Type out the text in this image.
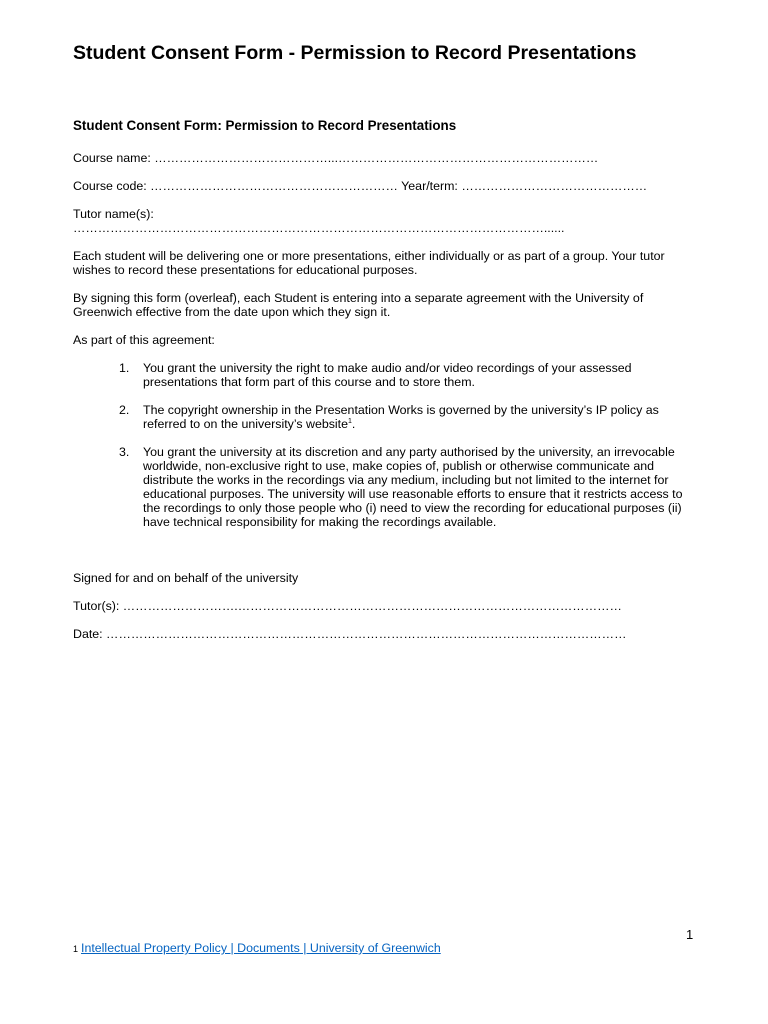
Student Consent Form - Permission to Record Presentations
Student Consent Form: Permission to Record Presentations
Course name: ……………………………………...………………………………………………………
Course code: …………………………………………………… Year/term: ………………………………………
Tutor name(s):
……………………………………………………………………………………………………......
Each student will be delivering one or more presentations, either individually or as part of a group. Your tutor wishes to record these presentations for educational purposes.
By signing this form (overleaf), each Student is entering into a separate agreement with the University of Greenwich effective from the date upon which they sign it.
As part of this agreement:
1.	You grant the university the right to make audio and/or video recordings of your assessed presentations that form part of this course and to store them.
2.	The copyright ownership in the Presentation Works is governed by the university’s IP policy as referred to on the university’s website$^1$.
3.	You grant the university at its discretion and any party authorised by the university, an irrevocable worldwide, non-exclusive right to use, make copies of, publish or otherwise communicate and distribute the works in the recordings via any medium, including but not limited to the internet for educational purposes. The university will use reasonable efforts to ensure that it restricts access to the recordings to only those people who (i) need to view the recording for educational purposes (ii) have technical responsibility for making the recordings available.
Signed for and on behalf of the university
Tutor(s): ……………………….…………………………………………………………………………………
Date: ………………………………………………………………………………………………………………
1
1 Intellectual Property Policy | Documents | University of Greenwich
